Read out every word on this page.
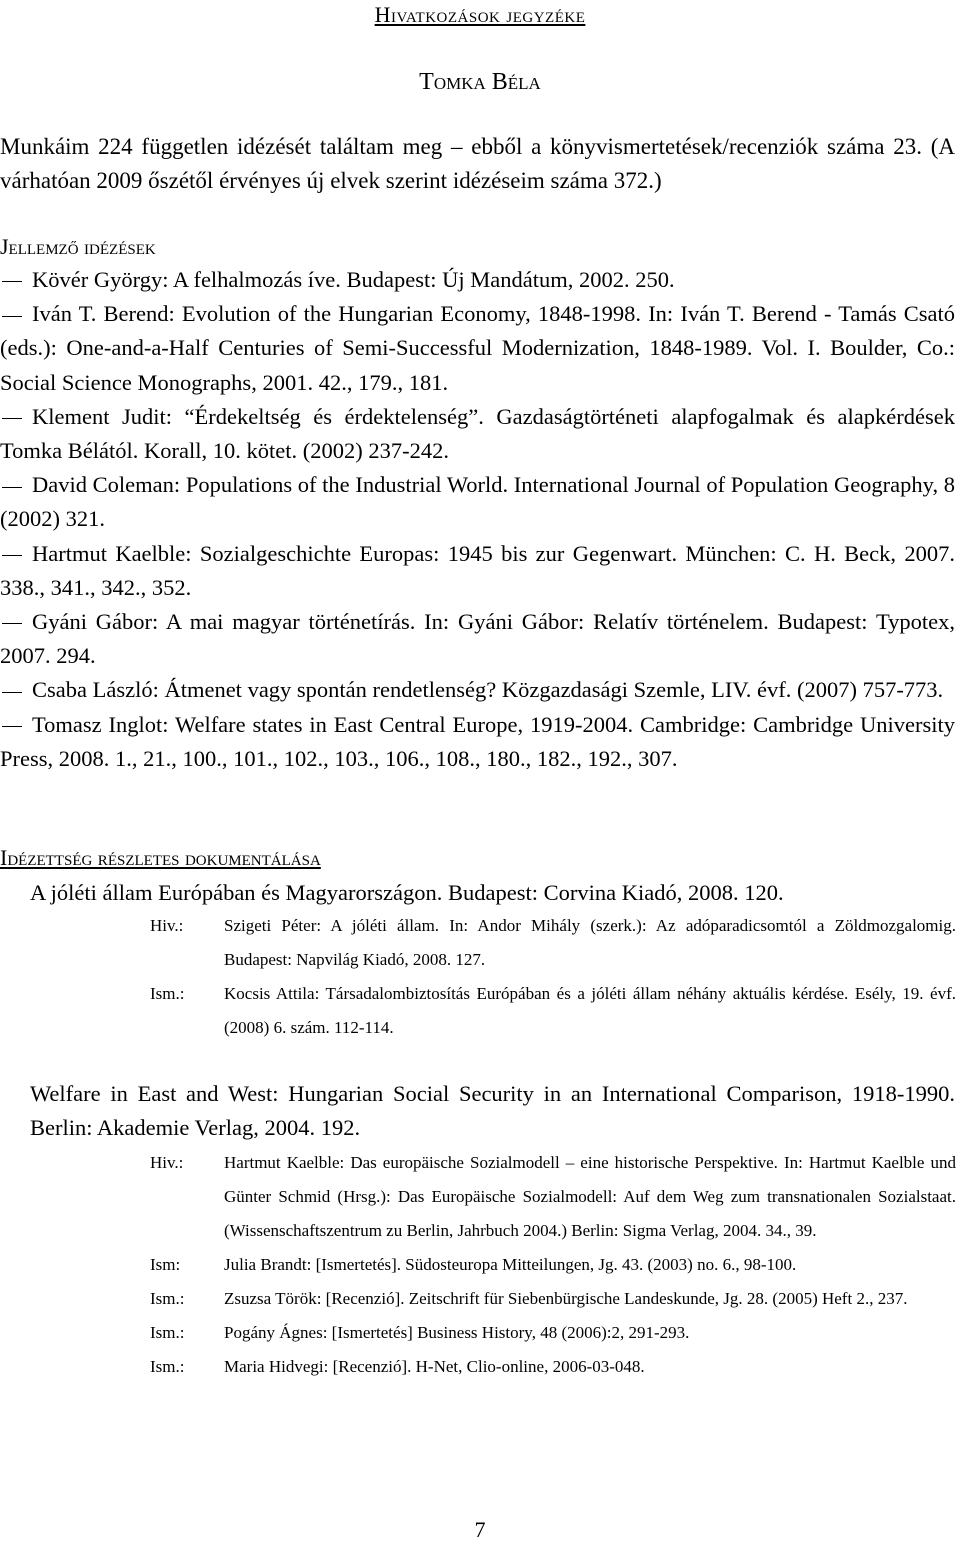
Hivatkozások jegyzéke
Tomka Béla
Munkáim 224 független idézését találtam meg – ebből a könyvismertetések/recenziók száma 23. (A várhatóan 2009 őszétől érvényes új elvek szerint idézéseim száma 372.)
Jellemző idézések

Kövér György: A felhalmozás íve. Budapest: Új Mandátum, 2002. 250.

Iván T. Berend: Evolution of the Hungarian Economy, 1848-1998. In: Iván T. Berend - Tamás Csató (eds.): One-and-a-Half Centuries of Semi-Successful Modernization, 1848-1989. Vol. I. Boulder, Co.: Social Science Monographs, 2001. 42., 179., 181.

Klement Judit: “Érdekeltség és érdektelenség”. Gazdaságtörténeti alapfogalmak és alapkérdések Tomka Bélától. Korall, 10. kötet. (2002) 237-242.

David Coleman: Populations of the Industrial World. International Journal of Population Geography, 8 (2002) 321.

Hartmut Kaelble: Sozialgeschichte Europas: 1945 bis zur Gegenwart. München: C. H. Beck, 2007. 338., 341., 342., 352.

Gyáni Gábor: A mai magyar történetírás. In: Gyáni Gábor: Relatív történelem. Budapest: Typotex, 2007. 294.

Csaba László: Átmenet vagy spontán rendetlenség? Közgazdasági Szemle, LIV. évf. (2007) 757-773.

Tomasz Inglot: Welfare states in East Central Europe, 1919-2004. Cambridge: Cambridge University Press, 2008. 1., 21., 100., 101., 102., 103., 106., 108., 180., 182., 192., 307.

Idézettség részletes dokumentálása
A jóléti állam Európában és Magyarországon. Budapest: Corvina Kiadó, 2008. 120.
Hiv.:	Szigeti Péter: A jóléti állam. In: Andor Mihály (szerk.): Az adóparadicsomtól a Zöldmozgalomig. Budapest: Napvilág Kiadó, 2008. 127.
Ism.:	Kocsis Attila: Társadalombiztosítás Európában és a jóléti állam néhány aktuális kérdése. Esély, 19. évf. (2008) 6. szám. 112-114.
Welfare in East and West: Hungarian Social Security in an International Comparison, 1918-1990. Berlin: Akademie Verlag, 2004. 192.
Hiv.:	Hartmut Kaelble: Das europäische Sozialmodell – eine historische Perspektive. In: Hartmut Kaelble und Günter Schmid (Hrsg.): Das Europäische Sozialmodell: Auf dem Weg zum transnationalen Sozialstaat. (Wissenschaftszentrum zu Berlin, Jahrbuch 2004.) Berlin: Sigma Verlag, 2004. 34., 39.
Ism:	Julia Brandt: [Ismertetés]. Südosteuropa Mitteilungen, Jg. 43. (2003) no. 6., 98-100.
Ism.:	Zsuzsa Török: [Recenzió]. Zeitschrift für Siebenbürgische Landeskunde, Jg. 28. (2005) Heft 2., 237.
Ism.:	Pogány Ágnes: [Ismertetés] Business History, 48 (2006):2, 291-293.
Ism.:	Maria Hidvegi: [Recenzió]. H-Net, Clio-online, 2006-03-048.
7
